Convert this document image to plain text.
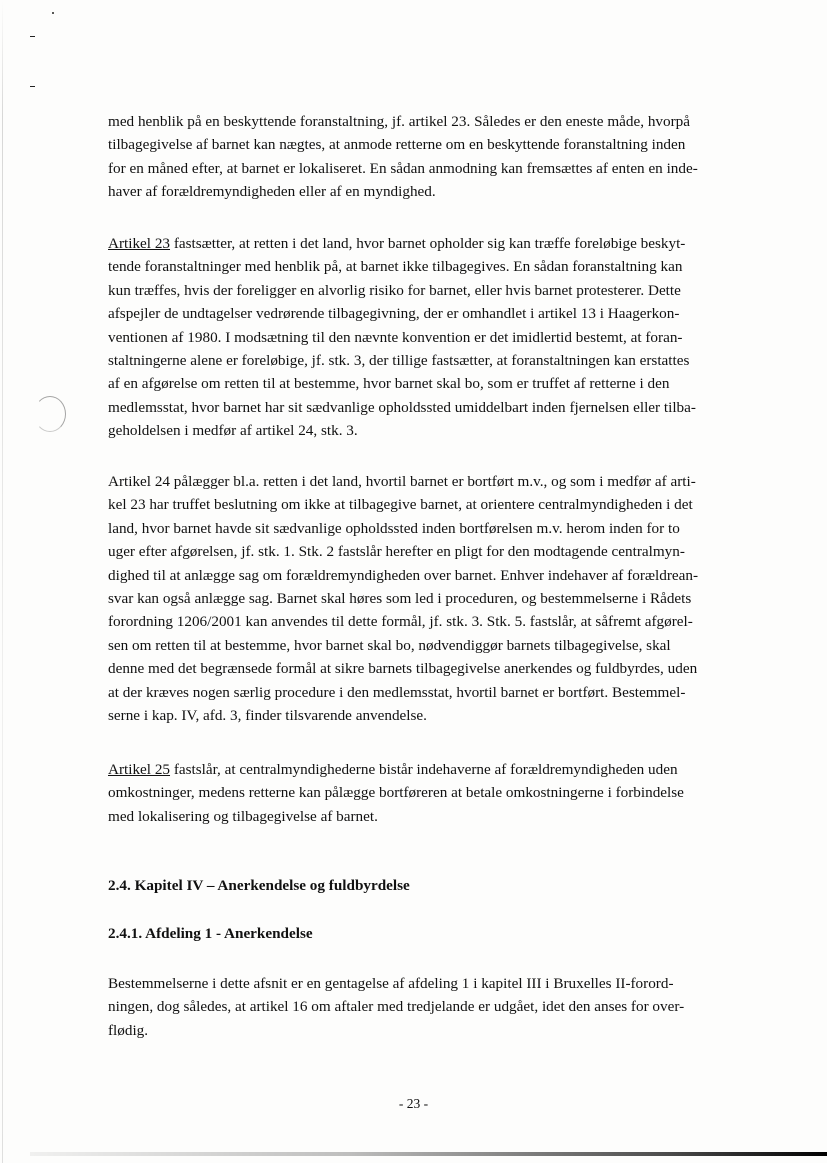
med henblik på en beskyttende foranstaltning, jf. artikel 23. Således er den eneste måde, hvorpå
tilbagegivelse af barnet kan nægtes, at anmode retterne om en beskyttende foranstaltning inden
for en måned efter, at barnet er lokaliseret. En sådan anmodning kan fremsættes af enten en inde-
haver af forældremyndigheden eller af en myndighed.
Artikel 23 fastsætter, at retten i det land, hvor barnet opholder sig kan træffe foreløbige beskyt-
tende foranstaltninger med henblik på, at barnet ikke tilbagegives. En sådan foranstaltning kan
kun træffes, hvis der foreligger en alvorlig risiko for barnet, eller hvis barnet protesterer. Dette
afspejler de undtagelser vedrørende tilbagegivning, der er omhandlet i artikel 13 i Haagerkon-
ventionen af 1980. I modsætning til den nævnte konvention er det imidlertid bestemt, at foran-
staltningerne alene er foreløbige, jf. stk. 3, der tillige fastsætter, at foranstaltningen kan erstattes
af en afgørelse om retten til at bestemme, hvor barnet skal bo, som er truffet af retterne i den
medlemsstat, hvor barnet har sit sædvanlige opholdssted umiddelbart inden fjernelsen eller tilba-
geholdelsen i medfør af artikel 24, stk. 3.
Artikel 24 pålægger bl.a. retten i det land, hvortil barnet er bortført m.v., og som i medfør af arti-
kel 23 har truffet beslutning om ikke at tilbagegive barnet, at orientere centralmyndigheden i det
land, hvor barnet havde sit sædvanlige opholdssted inden bortførelsen m.v. herom inden for to
uger efter afgørelsen, jf. stk. 1. Stk. 2 fastslår herefter en pligt for den modtagende centralmyn-
dighed til at anlægge sag om forældremyndigheden over barnet. Enhver indehaver af forældrean-
svar kan også anlægge sag. Barnet skal høres som led i proceduren, og bestemmelserne i Rådets
forordning 1206/2001 kan anvendes til dette formål, jf. stk. 3. Stk. 5. fastslår, at såfremt afgørel-
sen om retten til at bestemme, hvor barnet skal bo, nødvendiggør barnets tilbagegivelse, skal
denne med det begrænsede formål at sikre barnets tilbagegivelse anerkendes og fuldbyrdes, uden
at der kræves nogen særlig procedure i den medlemsstat, hvortil barnet er bortført. Bestemmel-
serne i kap. IV, afd. 3, finder tilsvarende anvendelse.
Artikel 25 fastslår, at centralmyndighederne bistår indehaverne af forældremyndigheden uden
omkostninger, medens retterne kan pålægge bortføreren at betale omkostningerne i forbindelse
med lokalisering og tilbagegivelse af barnet.
2.4. Kapitel IV – Anerkendelse og fuldbyrdelse
2.4.1. Afdeling 1 - Anerkendelse
Bestemmelserne i dette afsnit er en gentagelse af afdeling 1 i kapitel III i Bruxelles II-forord-
ningen, dog således, at artikel 16 om aftaler med tredjelande er udgået, idet den anses for over-
flødig.
- 23 -
